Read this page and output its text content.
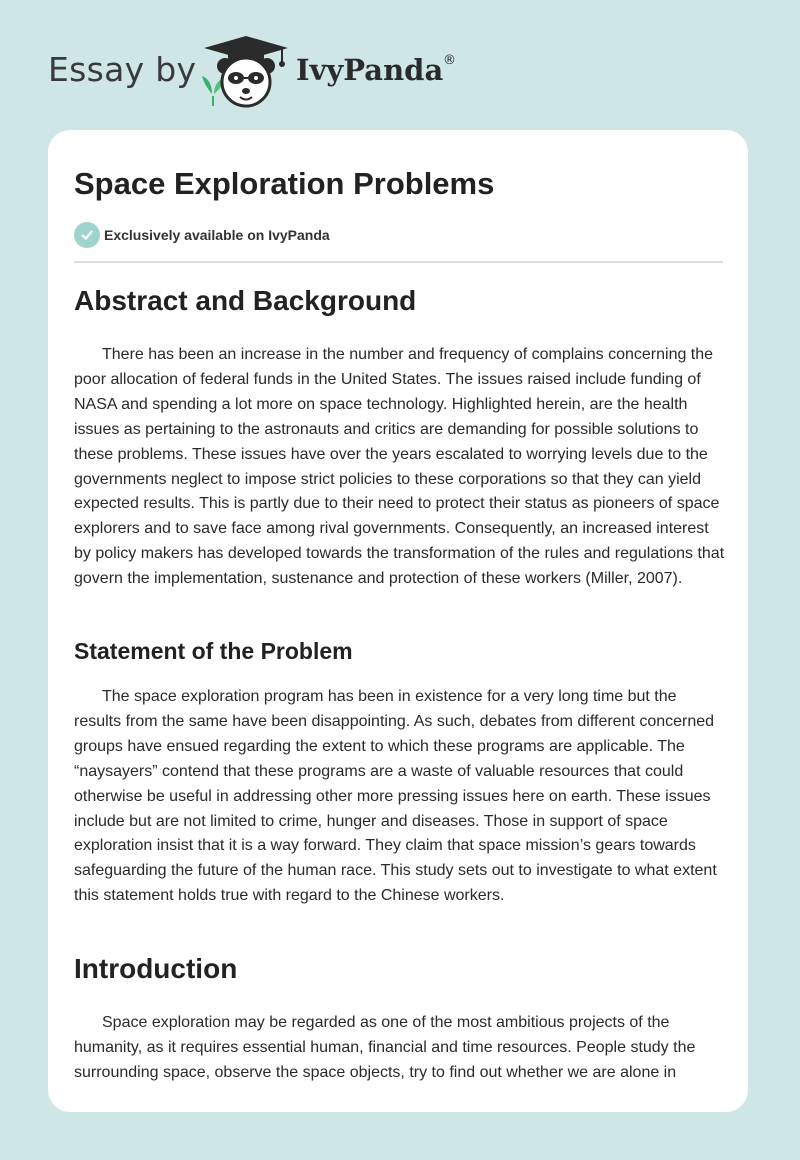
Essay by	IvyPanda ®
Space Exploration Problems
Exclusively available on IvyPanda
Abstract and Background

There has been an increase in the number and frequency of complains concerning the poor allocation of federal funds in the United States. The issues raised include funding of NASA and spending a lot more on space technology. Highlighted herein, are the health issues as pertaining to the astronauts and critics are demanding for possible solutions to these problems. These issues have over the years escalated to worrying levels due to the governments neglect to impose strict policies to these corporations so that they can yield expected results. This is partly due to their need to protect their status as pioneers of space explorers and to save face among rival governments. Consequently, an increased interest by policy makers has developed towards the transformation of the rules and regulations that govern the implementation, sustenance and protection of these workers (Miller, 2007).

Statement of the Problem

The space exploration program has been in existence for a very long time but the results from the same have been disappointing. As such, debates from different concerned groups have ensued regarding the extent to which these programs are applicable. The “naysayers” contend that these programs are a waste of valuable resources that could otherwise be useful in addressing other more pressing issues here on earth. These issues include but are not limited to crime, hunger and diseases. Those in support of space exploration insist that it is a way forward. They claim that space mission’s gears towards safeguarding the future of the human race. This study sets out to investigate to what extent this statement holds true with regard to the Chinese workers.

Introduction

Space exploration may be regarded as one of the most ambitious projects of the humanity, as it requires essential human, financial and time resources. People study the surrounding space, observe the space objects, try to find out whether we are alone in
